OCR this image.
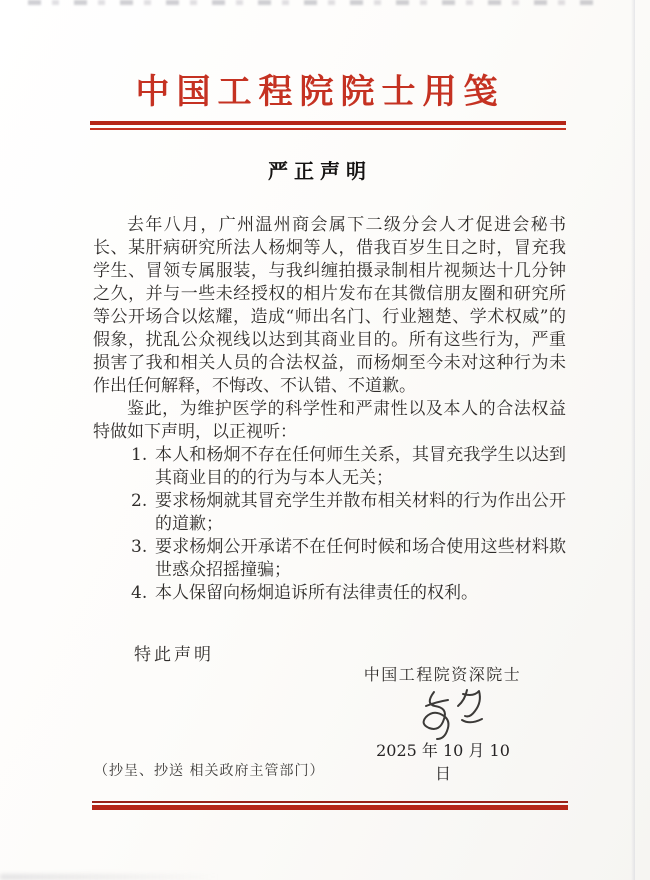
中国工程院院士用笺
严正声明

去年八月，广州温州商会属下二级分会人才促进会秘书长、某肝病研究所法人杨炯等人，借我百岁生日之时，冒充我学生、冒领专属服装，与我纠缠拍摄录制相片视频达十几分钟之久，并与一些未经授权的相片发布在其微信朋友圈和研究所等公开场合以炫耀，造成“师出名门、行业翘楚、学术权威”的假象，扰乱公众视线以达到其商业目的。所有这些行为，严重损害了我和相关人员的合法权益，而杨炯至今未对这种行为未作出任何解释，不悔改、不认错、不道歉。

鉴此，为维护医学的科学性和严肃性以及本人的合法权益特做如下声明，以正视听：

1. 本人和杨炯不存在任何师生关系，其冒充我学生以达到其商业目的的行为与本人无关；
2. 要求杨炯就其冒充学生并散布相关材料的行为作出公开的道歉；
3. 要求杨炯公开承诺不在任何时候和场合使用这些材料欺世惑众招摇撞骗；
4. 本人保留向杨炯追诉所有法律责任的权利。
特此声明
中国工程院资深院士
2025 年 10 月 10 日
（抄呈、抄送 相关政府主管部门）
